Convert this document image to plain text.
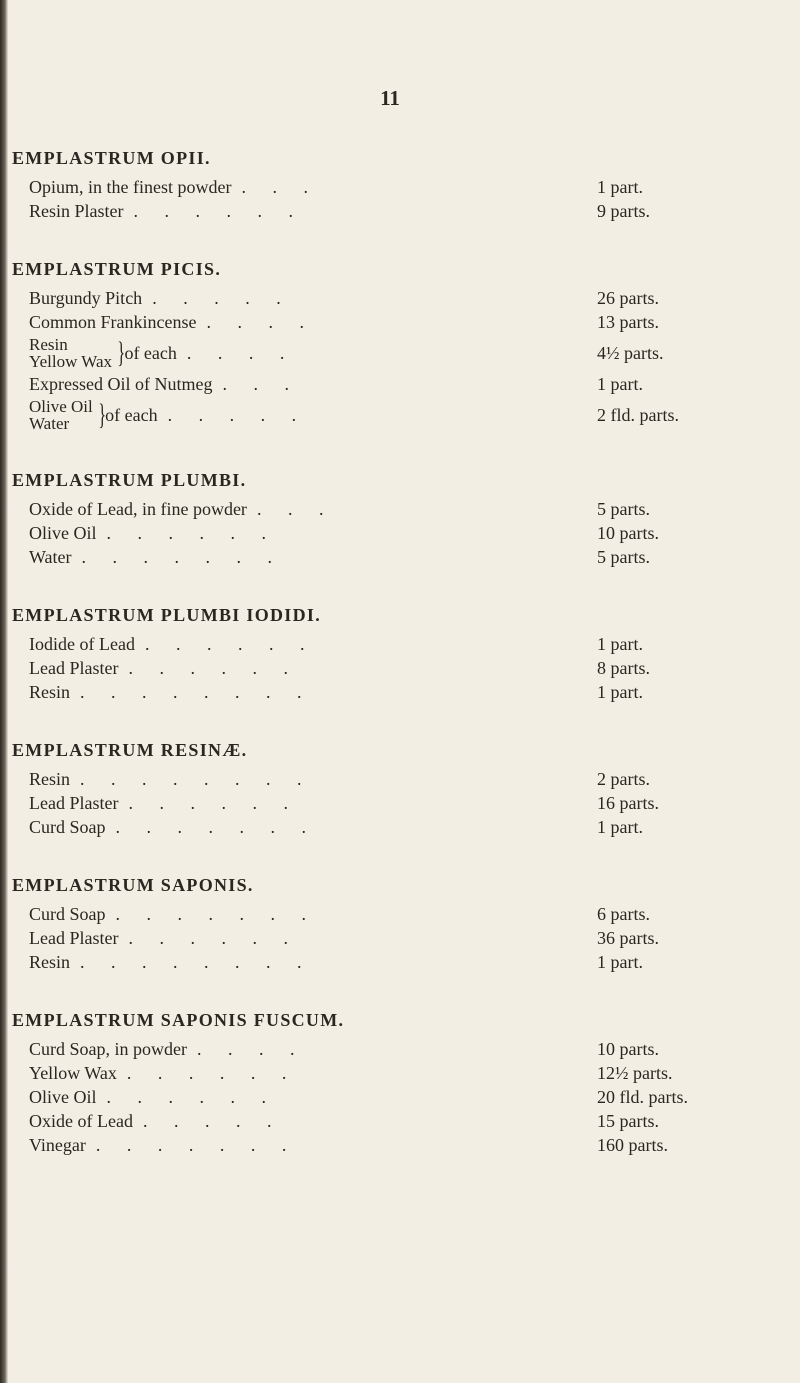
11
EMPLASTRUM OPII.
Opium, in the finest powder . . .	1 part.
Resin Plaster . . . . . .	9 parts.
EMPLASTRUM PICIS.
Burgundy Pitch . . . . .	26 parts.
Common Frankincense . . . .	13 parts.
Resin
Yellow Wax } of each . . . .	4½ parts.
Expressed Oil of Nutmeg . . .	1 part.
Olive Oil
Water } of each . . . . .	2 fld. parts.
EMPLASTRUM PLUMBI.
Oxide of Lead, in fine powder . . .	5 parts.
Olive Oil . . . . . .	10 parts.
Water . . . . . . .	5 parts.
EMPLASTRUM PLUMBI IODIDI.
Iodide of Lead . . . . . .	1 part.
Lead Plaster . . . . . .	8 parts.
Resin . . . . . . . .	1 part.
EMPLASTRUM RESINÆ.
Resin . . . . . . . .	2 parts.
Lead Plaster . . . . . .	16 parts.
Curd Soap . . . . . . .	1 part.
EMPLASTRUM SAPONIS.
Curd Soap . . . . . . .	6 parts.
Lead Plaster . . . . . .	36 parts.
Resin . . . . . . . .	1 part.
EMPLASTRUM SAPONIS FUSCUM.
Curd Soap, in powder . . . .	10 parts.
Yellow Wax . . . . . .	12½ parts.
Olive Oil . . . . . .	20 fld. parts.
Oxide of Lead . . . . .	15 parts.
Vinegar . . . . . . .	160 parts.
